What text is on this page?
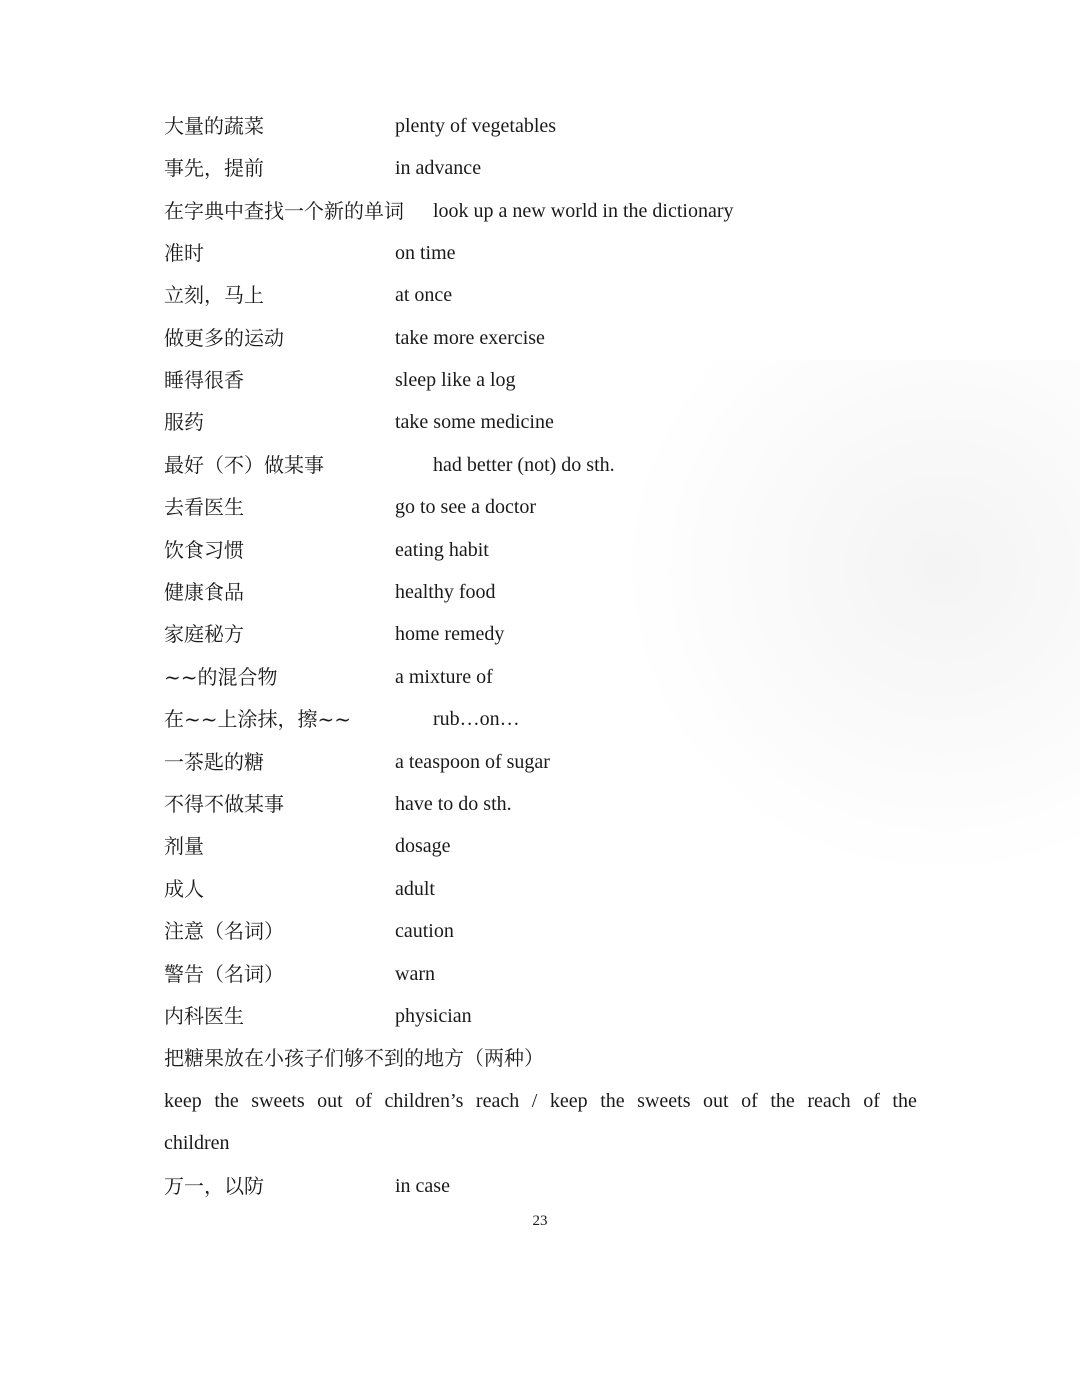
大量的蔬菜	plenty of vegetables
事先，提前	in advance
在字典中查找一个新的单词 look up a new world in the dictionary
准时	on time
立刻，马上	at once
做更多的运动	take more exercise
睡得很香	sleep like a log
服药	take some medicine
最好（不）做某事	had better (not) do sth.
去看医生	go to see a doctor
饮食习惯	eating habit
健康食品	healthy food
家庭秘方	home remedy
~~的混合物	a mixture of
在~~上涂抹，擦~~	rub…on…
一茶匙的糖	a teaspoon of sugar
不得不做某事	have to do sth.
剂量	dosage
成人	adult
注意（名词）	caution
警告（名词）	warn
内科医生	physician
把糖果放在小孩子们够不到的地方（两种）
keep the sweets out of children’s reach / keep the sweets out of the reach of the
children
万一，以防	in case
23
